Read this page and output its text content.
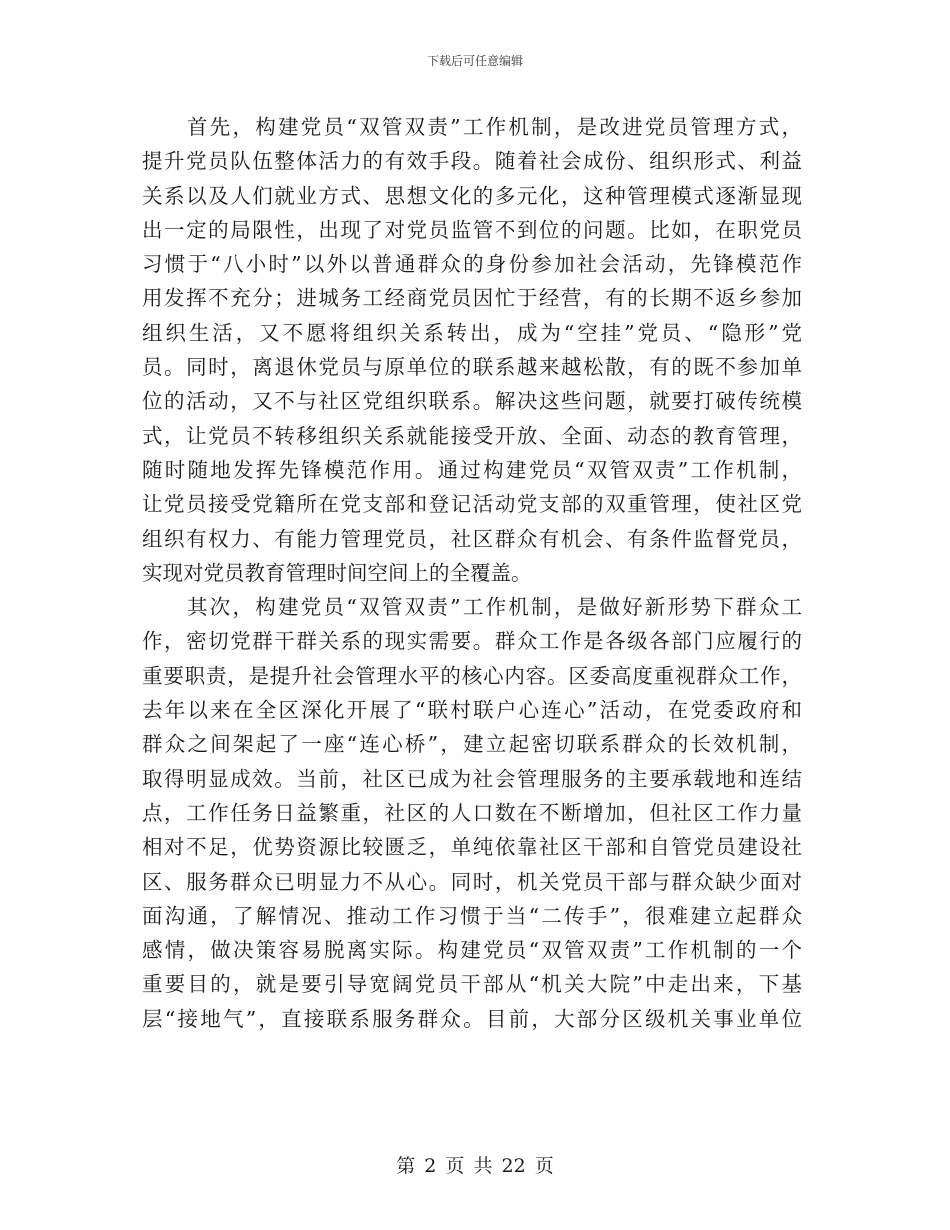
下载后可任意编辑
首先，构建党员“双管双责”工作机制，是改进党员管理方式，
提升党员队伍整体活力的有效手段。随着社会成份、组织形式、利益
关系以及人们就业方式、思想文化的多元化，这种管理模式逐渐显现
出一定的局限性，出现了对党员监管不到位的问题。比如，在职党员
习惯于“八小时”以外以普通群众的身份参加社会活动，先锋模范作
用发挥不充分；进城务工经商党员因忙于经营，有的长期不返乡参加
组织生活，又不愿将组织关系转出，成为“空挂”党员、“隐形”党
员。同时，离退休党员与原单位的联系越来越松散，有的既不参加单
位的活动，又不与社区党组织联系。解决这些问题，就要打破传统模
式，让党员不转移组织关系就能接受开放、全面、动态的教育管理，
随时随地发挥先锋模范作用。通过构建党员“双管双责”工作机制，
让党员接受党籍所在党支部和登记活动党支部的双重管理，使社区党
组织有权力、有能力管理党员，社区群众有机会、有条件监督党员，
实现对党员教育管理时间空间上的全覆盖。
其次，构建党员“双管双责”工作机制，是做好新形势下群众工
作，密切党群干群关系的现实需要。群众工作是各级各部门应履行的
重要职责，是提升社会管理水平的核心内容。区委高度重视群众工作，
去年以来在全区深化开展了“联村联户心连心”活动，在党委政府和
群众之间架起了一座“连心桥”，建立起密切联系群众的长效机制，
取得明显成效。当前，社区已成为社会管理服务的主要承载地和连结
点，工作任务日益繁重，社区的人口数在不断增加，但社区工作力量
相对不足，优势资源比较匮乏，单纯依靠社区干部和自管党员建设社
区、服务群众已明显力不从心。同时，机关党员干部与群众缺少面对
面沟通，了解情况、推动工作习惯于当“二传手”，很难建立起群众
感情，做决策容易脱离实际。构建党员“双管双责”工作机制的一个
重要目的，就是要引导宽阔党员干部从“机关大院”中走出来，下基
层“接地气”，直接联系服务群众。目前，大部分区级机关事业单位
第 2 页 共 22 页
